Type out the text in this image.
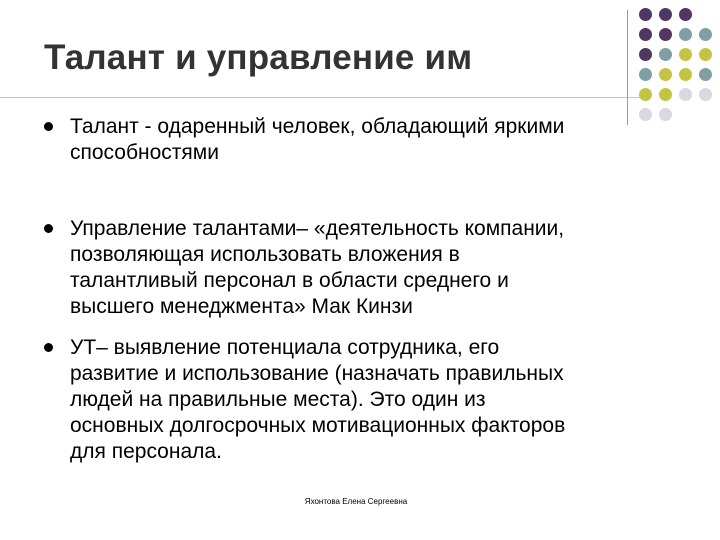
Талант и управление им
Талант - одаренный человек, обладающий яркими
способностями
Управление талантами– «деятельность компании,
позволяющая использовать вложения в
талантливый персонал в области среднего и
высшего менеджмента» Мак Кинзи
УТ– выявление потенциала сотрудника, его
развитие и использование (назначать правильных
людей на правильные места). Это один из
основных долгосрочных мотивационных факторов
для персонала.
Яхонтова Елена Сергеевна
